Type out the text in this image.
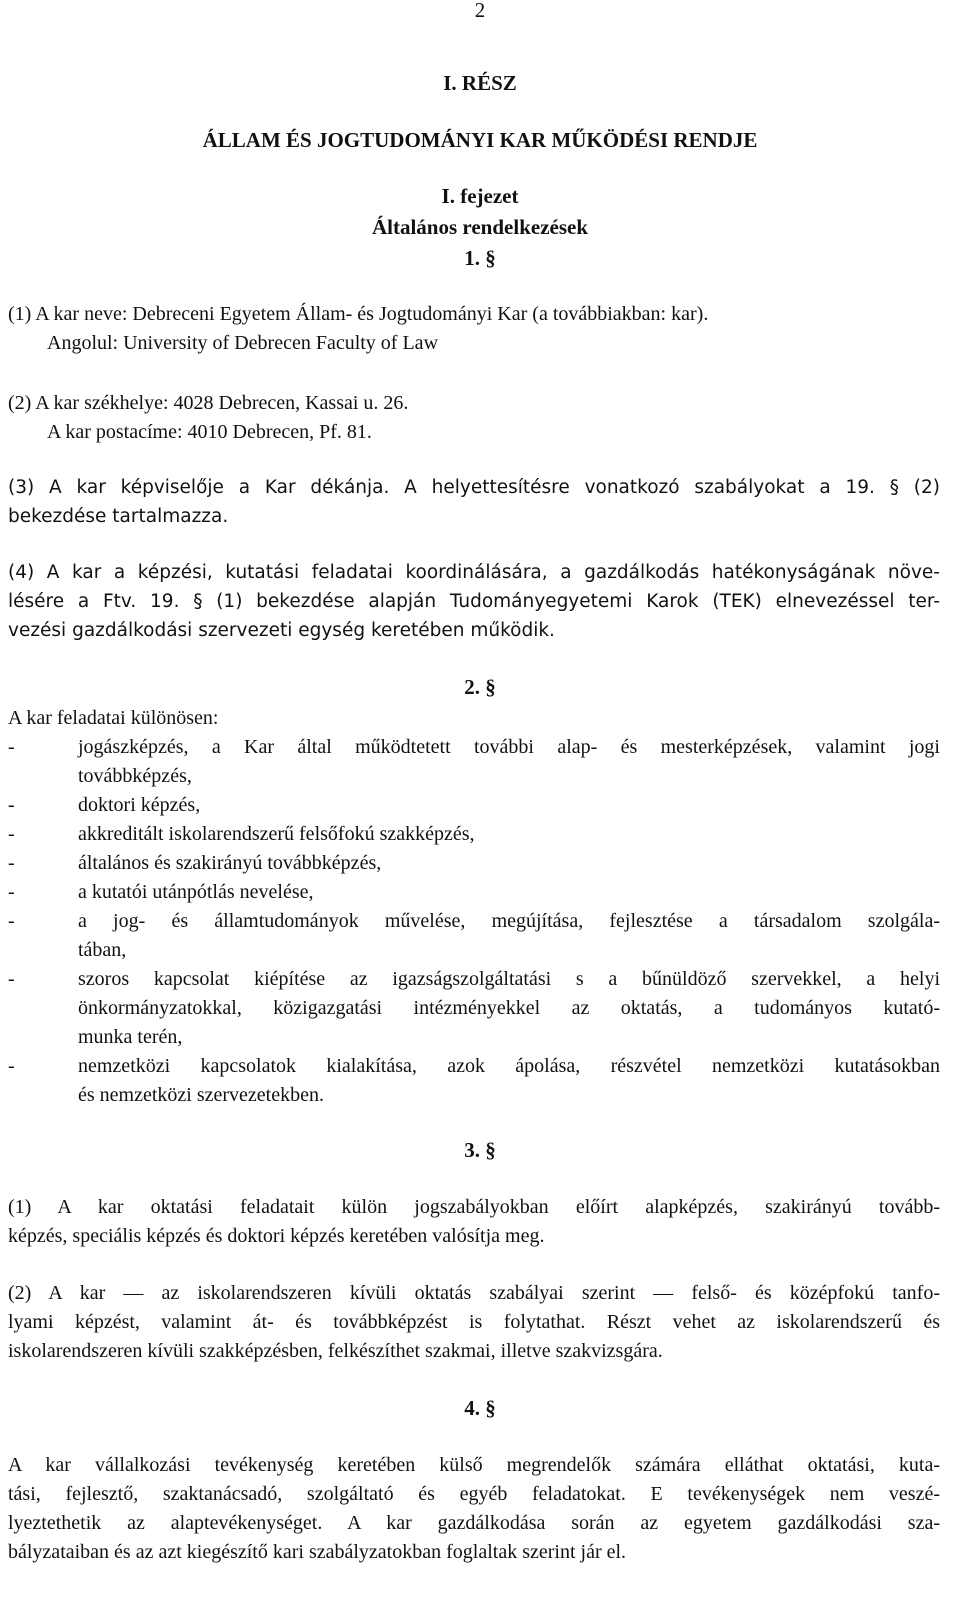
2
I. RÉSZ
ÁLLAM ÉS JOGTUDOMÁNYI KAR MŰKÖDÉSI RENDJE
I. fejezet
Általános rendelkezések
1. §
(1) A kar neve: Debreceni Egyetem Állam- és Jogtudományi Kar (a továbbiakban: kar).
Angolul: University of Debrecen Faculty of Law
(2) A kar székhelye: 4028 Debrecen, Kassai u. 26.
A kar postacíme: 4010 Debrecen, Pf. 81.
(3) A kar képviselője a Kar dékánja. A helyettesítésre vonatkozó szabályokat a 19. § (2)
bekezdése tartalmazza.
(4) A kar a képzési, kutatási feladatai koordinálására, a gazdálkodás hatékonyságának növe-
lésére a Ftv. 19. § (1) bekezdése alapján Tudományegyetemi Karok (TEK) elnevezéssel ter-
vezési gazdálkodási szervezeti egység keretében működik.
2. §
A kar feladatai különösen:
-	jogászképzés, a Kar által működtetett további alap- és mesterképzések, valamint jogi
továbbképzés,
-	doktori képzés,
-	akkreditált iskolarendszerű felsőfokú szakképzés,
-	általános és szakirányú továbbképzés,
-	a kutatói utánpótlás nevelése,
-	a jog- és államtudományok művelése, megújítása, fejlesztése a társadalom szolgála-
tában,
-	szoros kapcsolat kiépítése az igazságszolgáltatási s a bűnüldöző szervekkel, a helyi
önkormányzatokkal, közigazgatási intézményekkel az oktatás, a tudományos kutató-
munka terén,
-	nemzetközi kapcsolatok kialakítása, azok ápolása, részvétel nemzetközi kutatásokban
és nemzetközi szervezetekben.
3. §
(1) A kar oktatási feladatait külön jogszabályokban előírt alapképzés, szakirányú tovább-
képzés, speciális képzés és doktori képzés keretében valósítja meg.
(2) A kar — az iskolarendszeren kívüli oktatás szabályai szerint — felső- és középfokú tanfo-
lyami képzést, valamint át- és továbbképzést is folytathat. Részt vehet az iskolarendszerű és
iskolarendszeren kívüli szakképzésben, felkészíthet szakmai, illetve szakvizsgára.
4. §
A kar vállalkozási tevékenység keretében külső megrendelők számára elláthat oktatási, kuta-
tási, fejlesztő, szaktanácsadó, szolgáltató és egyéb feladatokat. E tevékenységek nem veszé-
lyeztethetik az alaptevékenységet. A kar gazdálkodása során az egyetem gazdálkodási sza-
bályzataiban és az azt kiegészítő kari szabályzatokban foglaltak szerint jár el.
